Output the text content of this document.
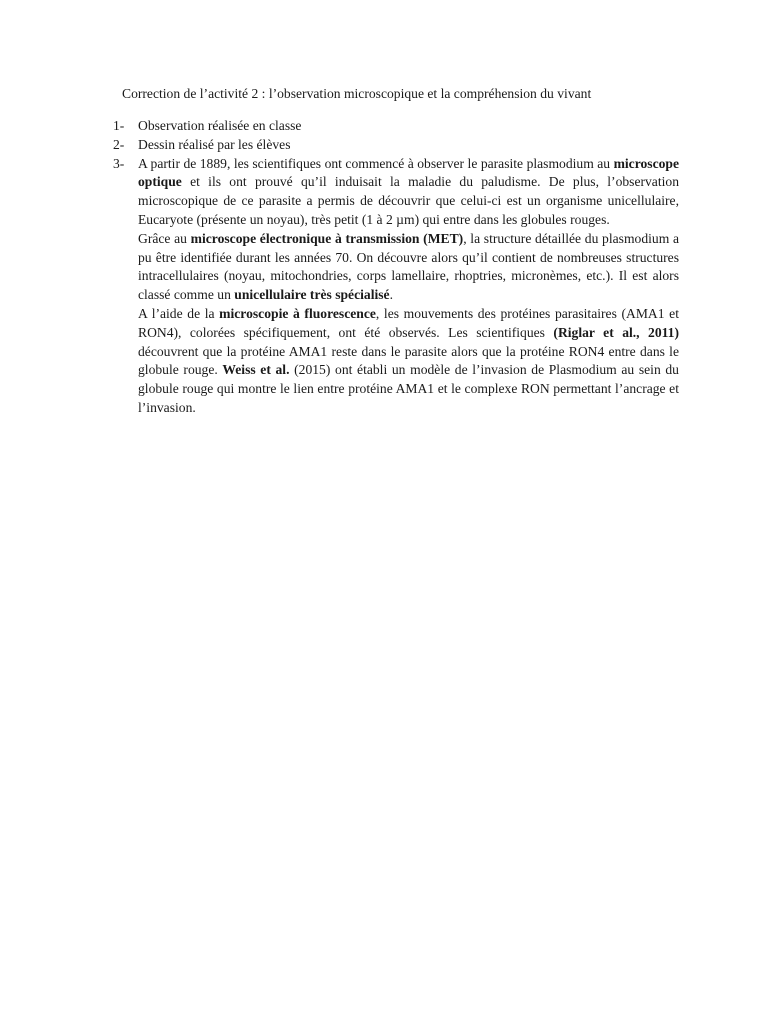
Correction de l’activité 2 : l’observation microscopique et la compréhension du vivant
1- Observation réalisée en classe
2- Dessin réalisé par les élèves
3- A partir de 1889, les scientifiques ont commencé à observer le parasite plasmodium au microscope optique et ils ont prouvé qu’il induisait la maladie du paludisme. De plus, l’observation microscopique de ce parasite a permis de découvrir que celui-ci est un organisme unicellulaire, Eucaryote (présente un noyau), très petit (1 à 2 µm) qui entre dans les globules rouges.
Grâce au microscope électronique à transmission (MET), la structure détaillée du plasmodium a pu être identifiée durant les années 70. On découvre alors qu’il contient de nombreuses structures intracellulaires (noyau, mitochondries, corps lamellaire, rhoptries, micronèmes, etc.). Il est alors classé comme un unicellulaire très spécialisé.
A l’aide de la microscopie à fluorescence, les mouvements des protéines parasitaires (AMA1 et RON4), colorées spécifiquement, ont été observés. Les scientifiques (Riglar et al., 2011) découvrent que la protéine AMA1 reste dans le parasite alors que la protéine RON4 entre dans le globule rouge. Weiss et al. (2015) ont établi un modèle de l’invasion de Plasmodium au sein du globule rouge qui montre le lien entre protéine AMA1 et le complexe RON permettant l’ancrage et l’invasion.
